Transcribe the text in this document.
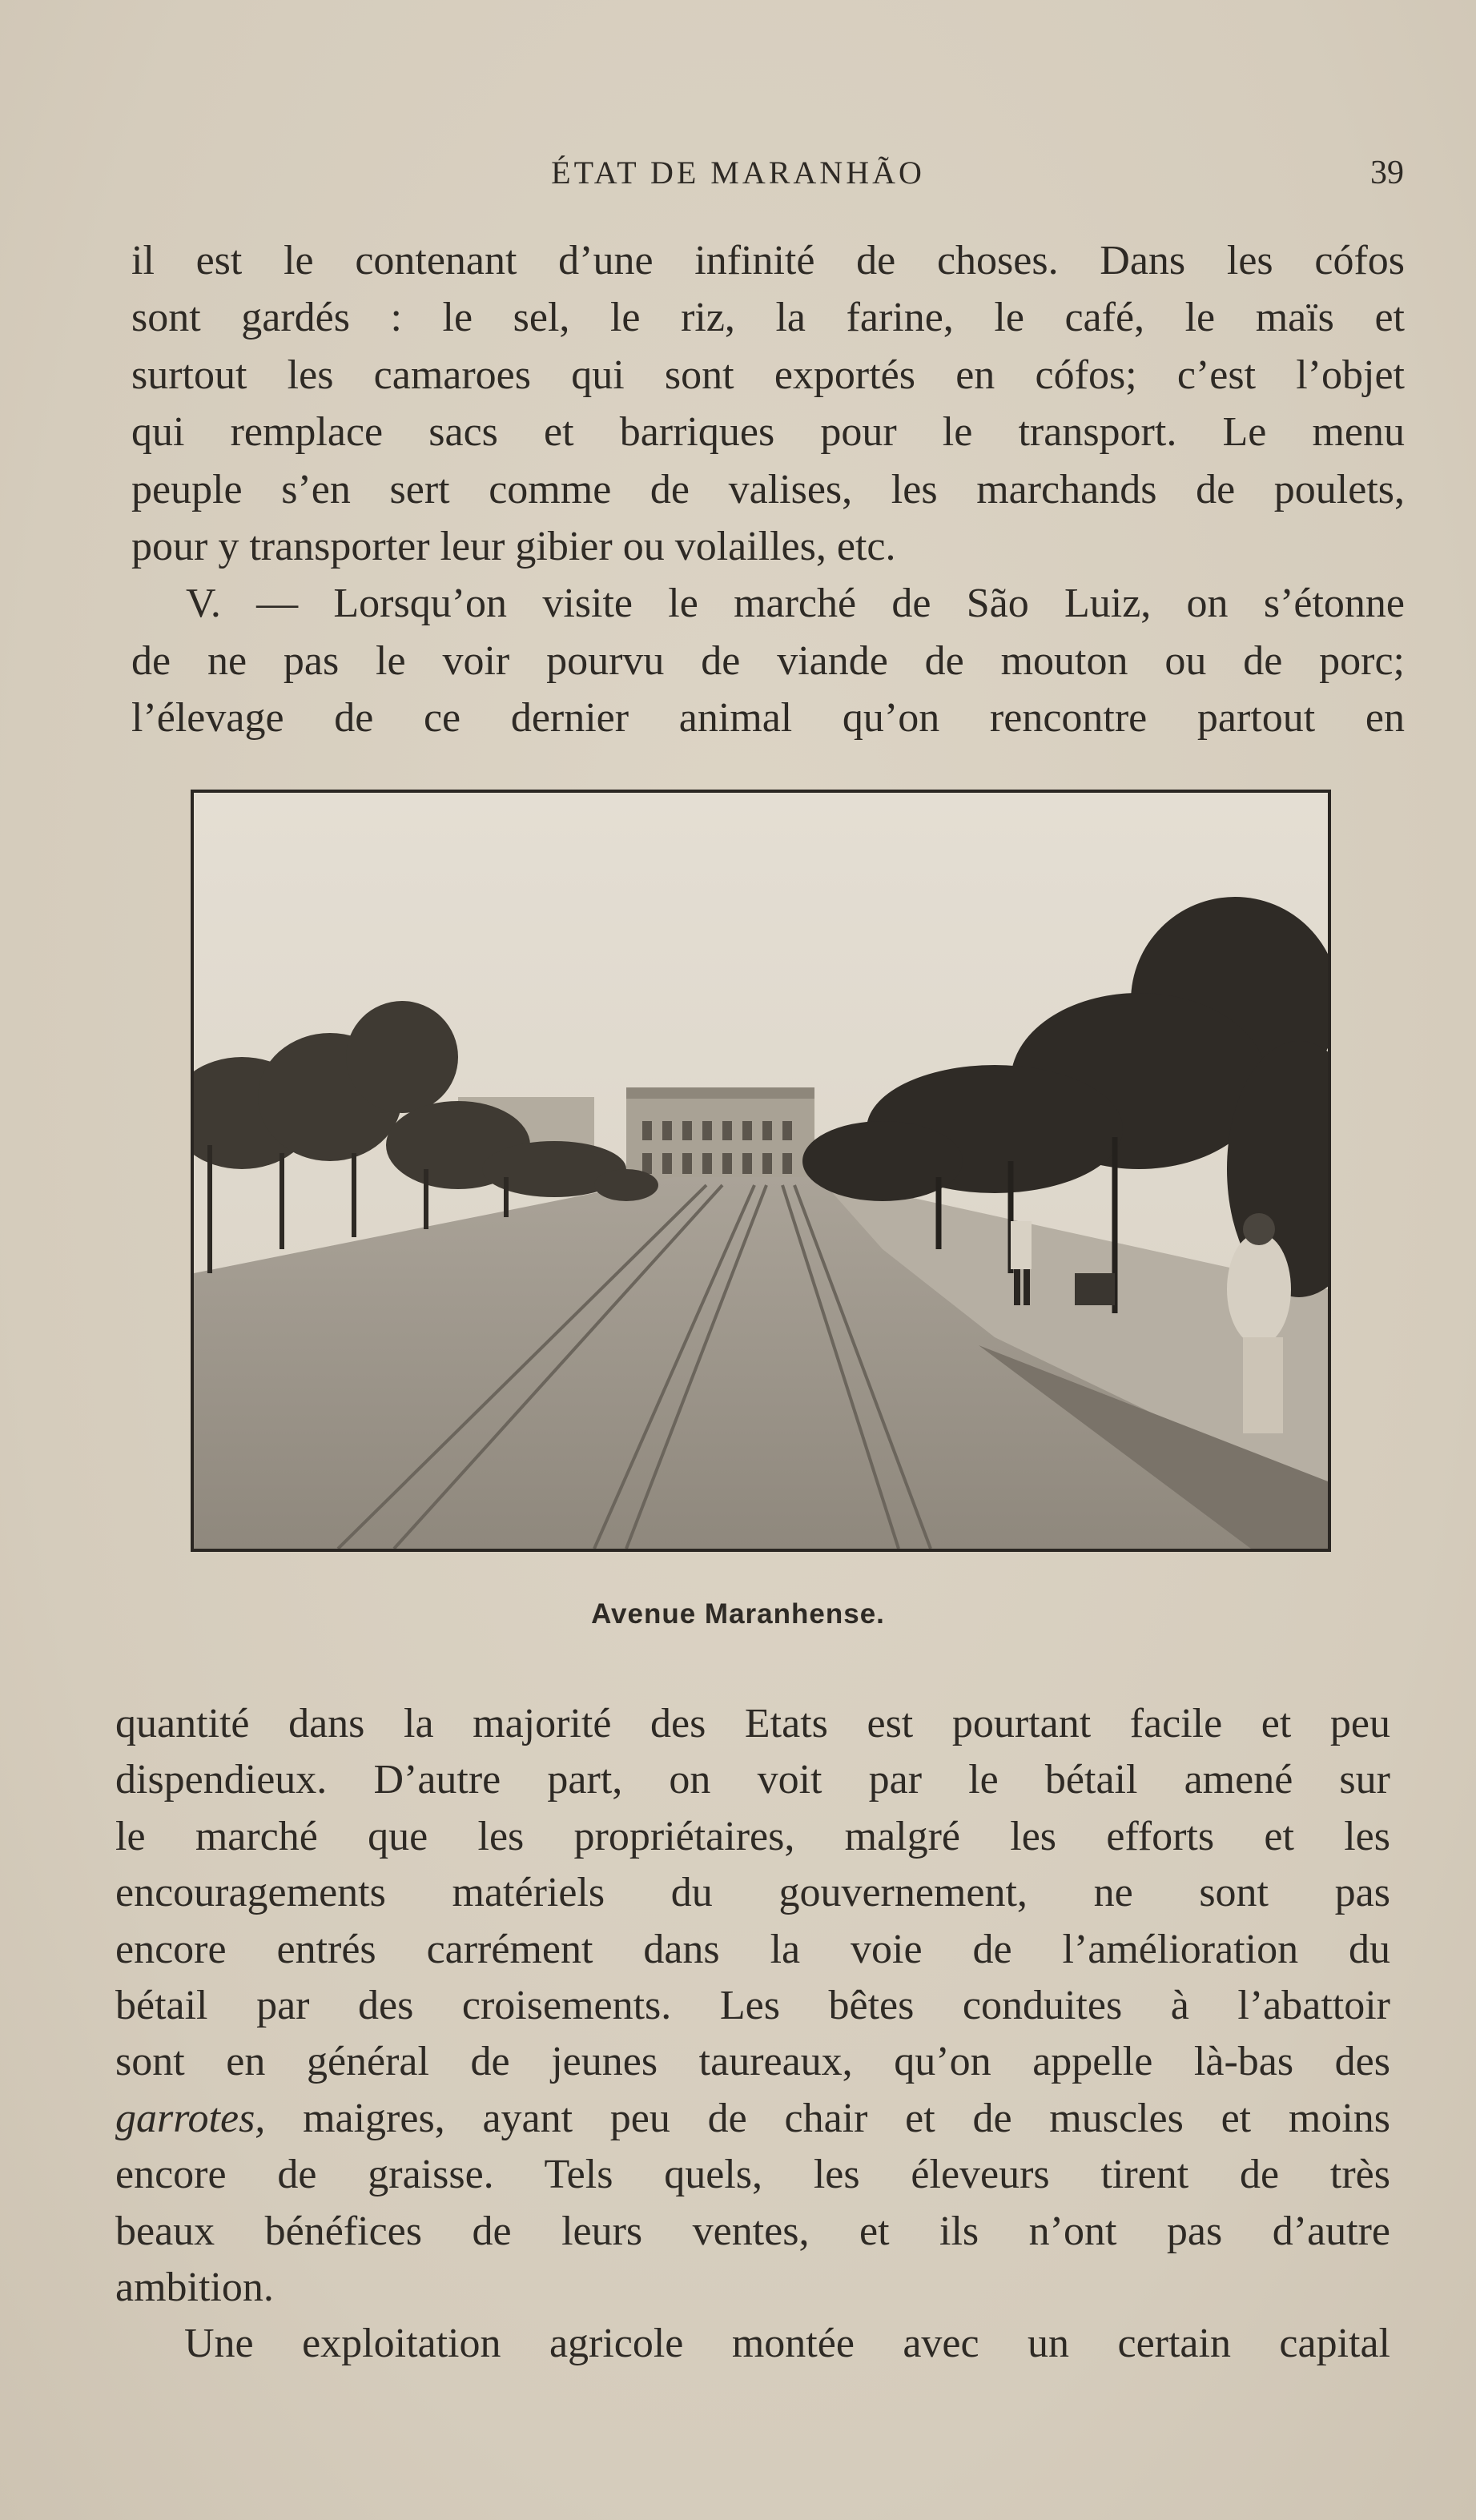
ÉTAT DE MARANHÃO	39
il est le contenant d’une infinité de choses. Dans les cófos
sont gardés : le sel, le riz, la farine, le café, le maïs et
surtout les camaroes qui sont exportés en cófos; c’est l’objet
qui remplace sacs et barriques pour le transport. Le menu
peuple s’en sert comme de valises, les marchands de poulets,
pour y transporter leur gibier ou volailles, etc.
V. — Lorsqu’on visite le marché de São Luiz, on s’étonne
de ne pas le voir pourvu de viande de mouton ou de porc;
l’élevage de ce dernier animal qu’on rencontre partout en
Avenue Maranhense.
quantité dans la majorité des Etats est pourtant facile et peu
dispendieux. D’autre part, on voit par le bétail amené sur
le marché que les propriétaires, malgré les efforts et les
encouragements matériels du gouvernement, ne sont pas
encore entrés carrément dans la voie de l’amélioration du
bétail par des croisements. Les bêtes conduites à l’abattoir
sont en général de jeunes taureaux, qu’on appelle là-bas des
garrotes, maigres, ayant peu de chair et de muscles et moins
encore de graisse. Tels quels, les éleveurs tirent de très
beaux bénéfices de leurs ventes, et ils n’ont pas d’autre
ambition.
Une exploitation agricole montée avec un certain capital
